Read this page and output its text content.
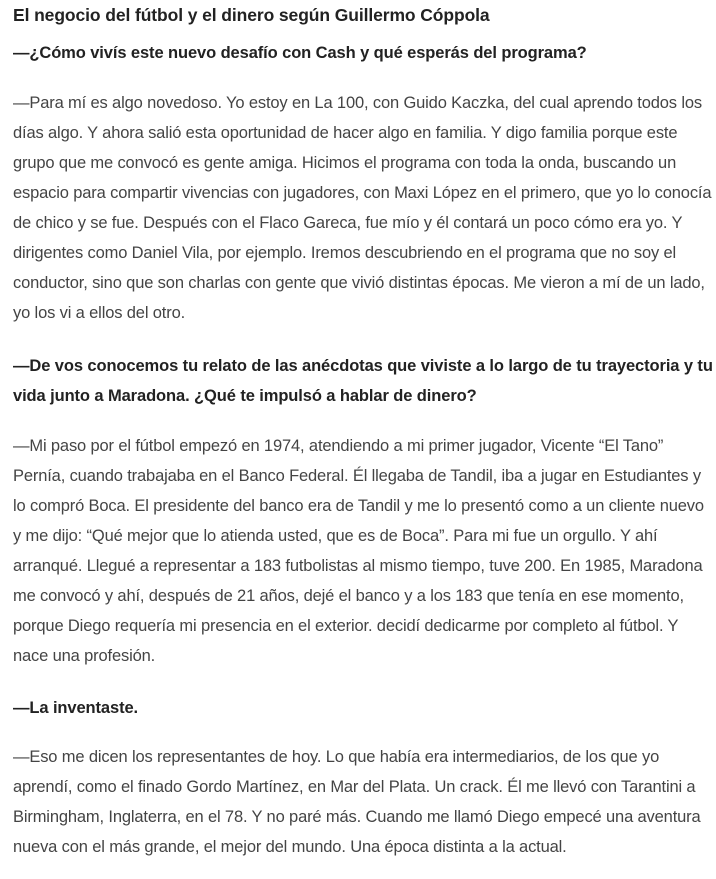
El negocio del fútbol y el dinero según Guillermo Cóppola

—¿Cómo vivís este nuevo desafío con Cash y qué esperás del programa?

—Para mí es algo novedoso. Yo estoy en La 100, con Guido Kaczka, del cual aprendo todos los días algo. Y ahora salió esta oportunidad de hacer algo en familia. Y digo familia porque este grupo que me convocó es gente amiga. Hicimos el programa con toda la onda, buscando un espacio para compartir vivencias con jugadores, con Maxi López en el primero, que yo lo conocía de chico y se fue. Después con el Flaco Gareca, fue mío y él contará un poco cómo era yo. Y dirigentes como Daniel Vila, por ejemplo. Iremos descubriendo en el programa que no soy el conductor, sino que son charlas con gente que vivió distintas épocas. Me vieron a mí de un lado, yo los vi a ellos del otro.

—De vos conocemos tu relato de las anécdotas que viviste a lo largo de tu trayectoria y tu vida junto a Maradona. ¿Qué te impulsó a hablar de dinero?

—Mi paso por el fútbol empezó en 1974, atendiendo a mi primer jugador, Vicente “El Tano” Pernía, cuando trabajaba en el Banco Federal. Él llegaba de Tandil, iba a jugar en Estudiantes y lo compró Boca. El presidente del banco era de Tandil y me lo presentó como a un cliente nuevo y me dijo: “Qué mejor que lo atienda usted, que es de Boca”. Para mi fue un orgullo. Y ahí arranqué. Llegué a representar a 183 futbolistas al mismo tiempo, tuve 200. En 1985, Maradona me convocó y ahí, después de 21 años, dejé el banco y a los 183 que tenía en ese momento, porque Diego requería mi presencia en el exterior. decidí dedicarme por completo al fútbol. Y nace una profesión.

—La inventaste.

—Eso me dicen los representantes de hoy. Lo que había era intermediarios, de los que yo aprendí, como el finado Gordo Martínez, en Mar del Plata. Un crack. Él me llevó con Tarantini a Birmingham, Inglaterra, en el 78. Y no paré más. Cuando me llamó Diego empecé una aventura nueva con el más grande, el mejor del mundo. Una época distinta a la actual.
